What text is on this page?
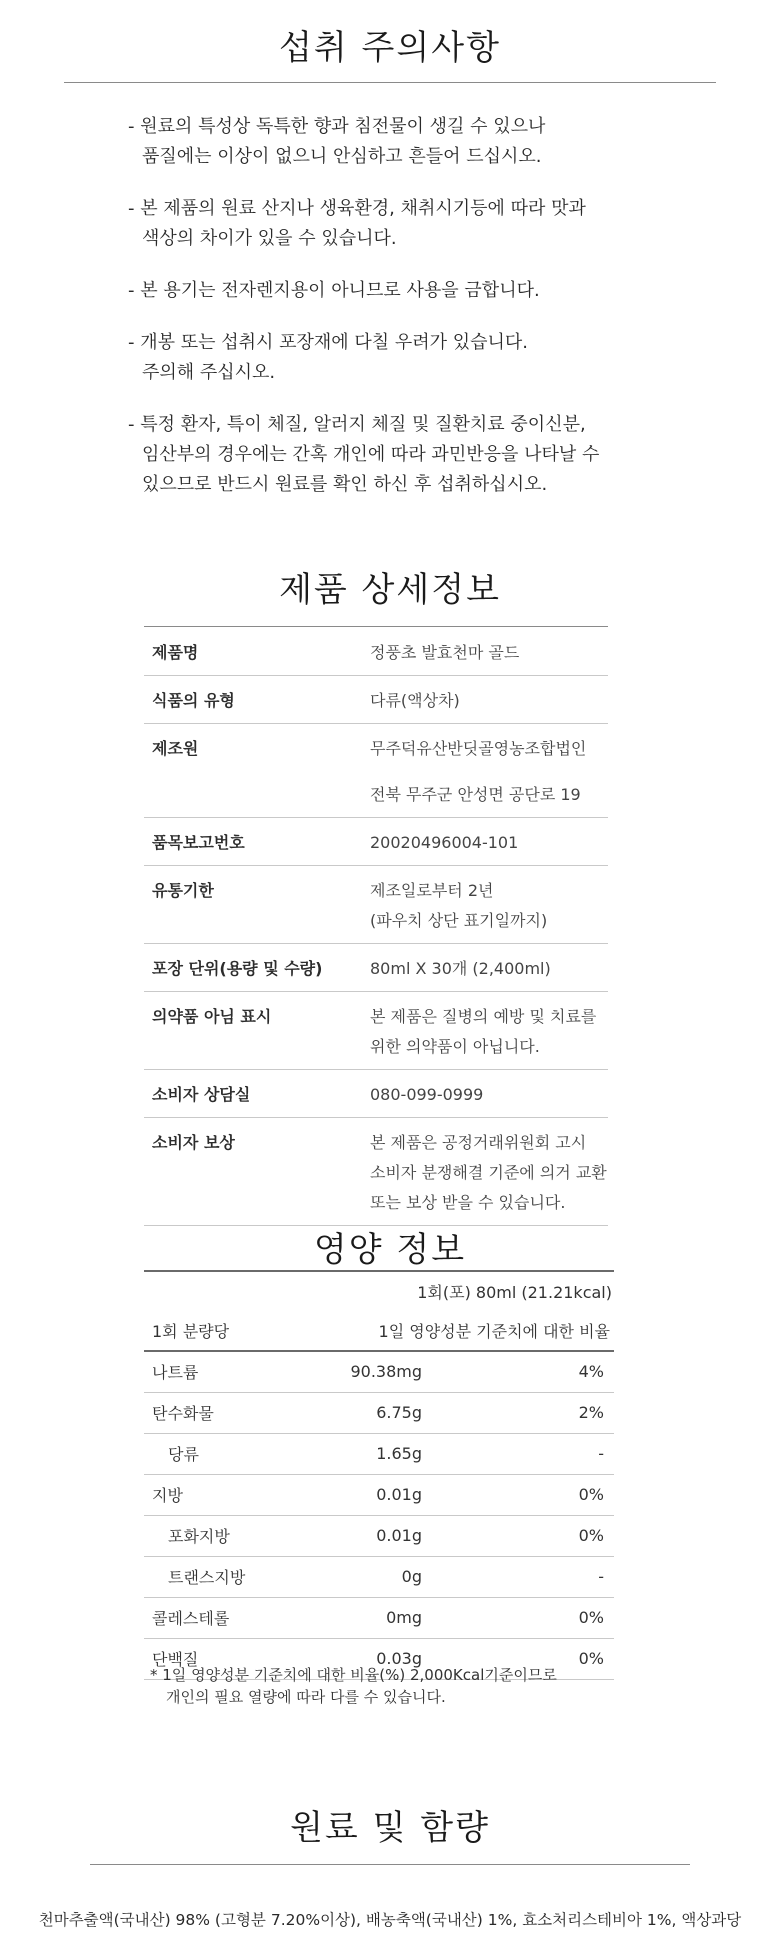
섭취 주의사항
- 원료의 특성상 독특한 향과 침전물이 생길 수 있으나
품질에는 이상이 없으니 안심하고 흔들어 드십시오.
- 본 제품의 원료 산지나 생육환경, 채취시기등에 따라 맛과
색상의 차이가 있을 수 있습니다.
- 본 용기는 전자렌지용이 아니므로 사용을 금합니다.
- 개봉 또는 섭취시 포장재에 다칠 우려가 있습니다.
주의해 주십시오.
- 특정 환자, 특이 체질, 알러지 체질 및 질환치료 중이신분,
임산부의 경우에는 간혹 개인에 따라 과민반응을 나타날 수
있으므로 반드시 원료를 확인 하신 후 섭취하십시오.
제품 상세정보
제품명	정풍초 발효천마 골드

식품의 유형	다류(액상차)

제조원	무주덕유산반딧골영농조합법인
전북 무주군 안성면 공단로 19

품목보고번호	20020496004-101

유통기한	제조일로부터 2년
(파우치 상단 표기일까지)

포장 단위(용량 및 수량)	80ml X 30개 (2,400ml)

의약품 아님 표시	본 제품은 질병의 예방 및 치료를
위한 의약품이 아닙니다.

소비자 상담실	080-099-0999

소비자 보상	본 제품은 공정거래위원회 고시
소비자 분쟁해결 기준에 의거 교환
또는 보상 받을 수 있습니다.
영양 정보
1회(포) 80ml (21.21kcal)
1회 분량당	1일 영양성분 기준치에 대한 비율	
나트륨	90.38mg	4%
탄수화물	6.75g	2%
당류	1.65g	-
지방	0.01g	0%
포화지방	0.01g	0%
트랜스지방	0g	-
콜레스테롤	0mg	0%
단백질	0.03g	0%
* 1일 영양성분 기준치에 대한 비율(%) 2,000Kcal기준이므로
개인의 필요 열량에 따라 다를 수 있습니다.
원료 및 함량
천마추출액(국내산) 98% (고형분 7.20%이상), 배농축액(국내산) 1%, 효소처리스테비아 1%, 액상과당
